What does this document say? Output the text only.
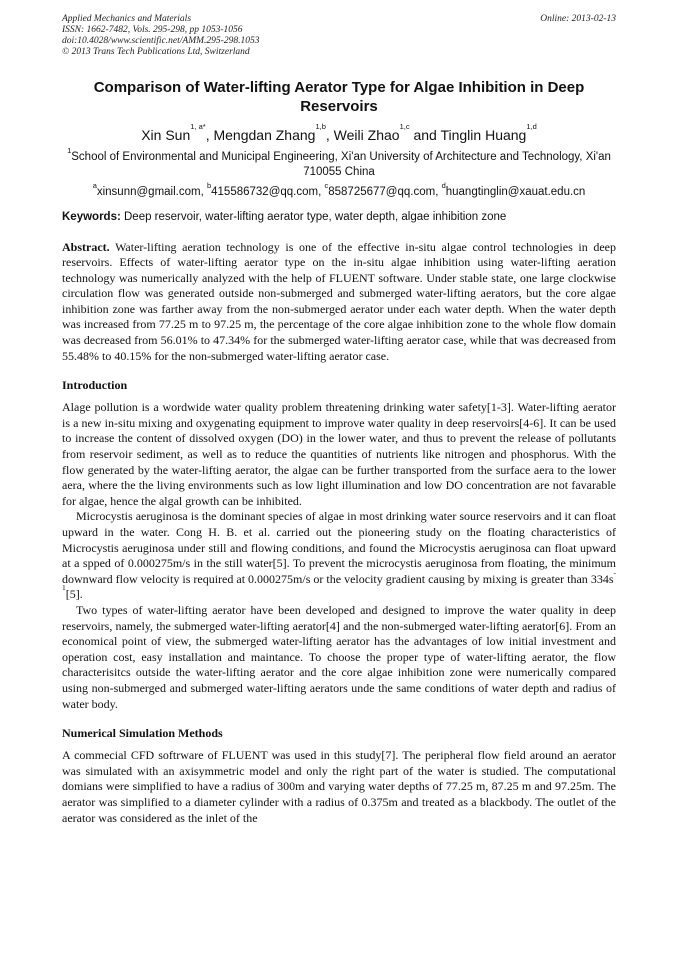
Applied Mechanics and Materials
ISSN: 1662-7482, Vols. 295-298, pp 1053-1056
doi:10.4028/www.scientific.net/AMM.295-298.1053
© 2013 Trans Tech Publications Ltd, Switzerland
Online: 2013-02-13
Comparison of Water-lifting Aerator Type for Algae Inhibition in Deep Reservoirs
Xin Sun$^{1, a*}$, Mengdan Zhang$^{1,b}$, Weili Zhao$^{1,c}$ and Tinglin Huang$^{1,d}$
$^1$School of Environmental and Municipal Engineering, Xi'an University of Architecture and Technology, Xi'an 710055 China
$^a$xinsunn@gmail.com, $^b$415586732@qq.com, $^c$858725677@qq.com, $^d$huangtinglin@xauat.edu.cn
Keywords: Deep reservoir, water-lifting aerator type, water depth, algae inhibition zone
Abstract. Water-lifting aeration technology is one of the effective in-situ algae control technologies in deep reservoirs. Effects of water-lifting aerator type on the in-situ algae inhibition using water-lifting aeration technology was numerically analyzed with the help of FLUENT software. Under stable state, one large clockwise circulation flow was generated outside non-submerged and submerged water-lifting aerators, but the core algae inhibition zone was farther away from the non-submerged aerator under each water depth. When the water depth was increased from 77.25 m to 97.25 m, the percentage of the core algae inhibition zone to the whole flow domain was decreased from 56.01% to 47.34% for the submerged water-lifting aerator case, while that was decreased from 55.48% to 40.15% for the non-submerged water-lifting aerator case.
Introduction

Alage pollution is a wordwide water quality problem threatening drinking water safety[1-3]. Water-lifting aerator is a new in-situ mixing and oxygenating equipment to improve water quality in deep reservoirs[4-6]. It can be used to increase the content of dissolved oxygen (DO) in the lower water, and thus to prevent the release of pollutants from reservoir sediment, as well as to reduce the quantities of nutrients like nitrogen and phosphorus. With the flow generated by the water-lifting aerator, the algae can be further transported from the surface aera to the lower aera, where the the living environments such as low light illumination and low DO concentration are not favarable for algae, hence the algal growth can be inhibited.

Microcystis aeruginosa is the dominant species of algae in most drinking water source reservoirs and it can float upward in the water. Cong H. B. et al. carried out the pioneering study on the floating characteristics of Microcystis aeruginosa under still and flowing conditions, and found the Microcystis aeruginosa can float upward at a spped of 0.000275m/s in the still water[5]. To prevent the microcystis aeruginosa from floating, the minimum downward flow velocity is required at 0.000275m/s or the velocity gradient causing by mixing is greater than $334s^{-1}[5]$.

Two types of water-lifting aerator have been developed and designed to improve the water quality in deep reservoirs, namely, the submerged water-lifting aerator[4] and the non-submerged water-lifting aerator[6]. From an economical point of view, the submerged water-lifting aerator has the advantages of low initial investment and operation cost, easy installation and maintance. To choose the proper type of water-lifting aerator, the flow characterisitcs outside the water-lifting aerator and the core algae inhibition zone were numerically compared using non-submerged and submerged water-lifting aerators unde the same conditions of water depth and radius of water body.

Numerical Simulation Methods

A commecial CFD softrware of FLUENT was used in this study[7]. The peripheral flow field around an aerator was simulated with an axisymmetric model and only the right part of the water is studied. The computational domians were simplified to have a radius of 300m and varying water depths of 77.25 m, 87.25 m and 97.25m. The aerator was simplified to a diameter cylinder with a radius of 0.375m and treated as a blackbody. The outlet of the aerator was considered as the inlet of the
